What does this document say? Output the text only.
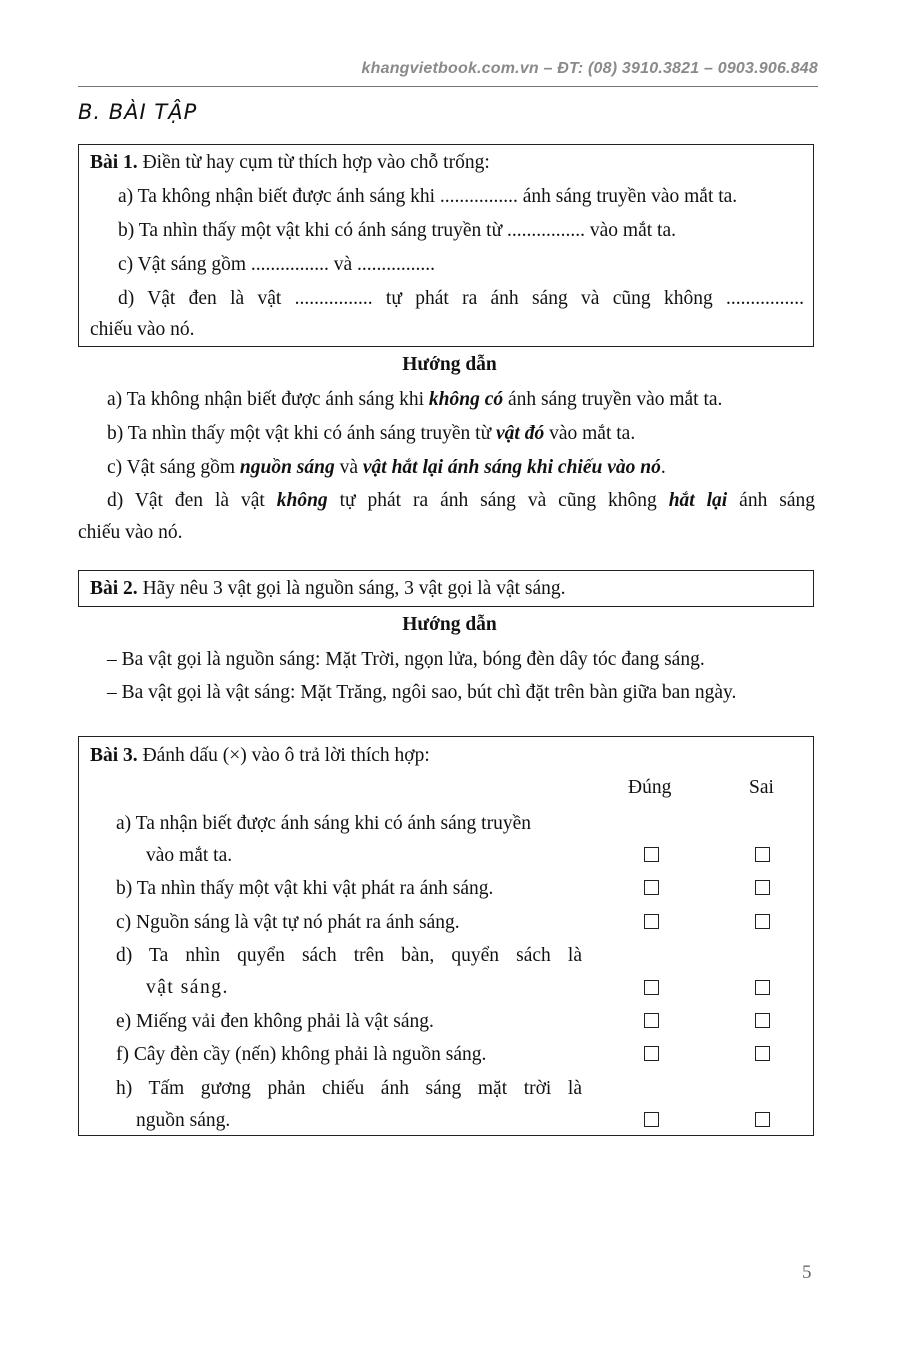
khangvietbook.com.vn – ĐT: (08) 3910.3821 – 0903.906.848
B. BÀI TẬP
Bài 1. Điền từ hay cụm từ thích hợp vào chỗ trống:
a) Ta không nhận biết được ánh sáng khi ................ ánh sáng truyền vào mắt ta.
b) Ta nhìn thấy một vật khi có ánh sáng truyền từ ................ vào mắt ta.
c) Vật sáng gồm ................ và ................
d) Vật đen là vật ................ tự phát ra ánh sáng và cũng không ................
chiếu vào nó.
Hướng dẫn
a) Ta không nhận biết được ánh sáng khi không có ánh sáng truyền vào mắt ta.
b) Ta nhìn thấy một vật khi có ánh sáng truyền từ vật đó vào mắt ta.
c) Vật sáng gồm nguồn sáng và vật hắt lại ánh sáng khi chiếu vào nó.
d) Vật đen là vật không tự phát ra ánh sáng và cũng không hắt lại ánh sáng
chiếu vào nó.
Bài 2. Hãy nêu 3 vật gọi là nguồn sáng, 3 vật gọi là vật sáng.
Hướng dẫn
– Ba vật gọi là nguồn sáng: Mặt Trời, ngọn lửa, bóng đèn dây tóc đang sáng.
– Ba vật gọi là vật sáng: Mặt Trăng, ngôi sao, bút chì đặt trên bàn giữa ban ngày.
Bài 3. Đánh dấu (×) vào ô trả lời thích hợp:
Đúng	Sai
a) Ta nhận biết được ánh sáng khi có ánh sáng truyền
vào mắt ta.
b) Ta nhìn thấy một vật khi vật phát ra ánh sáng.
c) Nguồn sáng là vật tự nó phát ra ánh sáng.
d) Ta nhìn quyển sách trên bàn, quyển sách là
vật sáng.
e) Miếng vải đen không phải là vật sáng.
f) Cây đèn cầy (nến) không phải là nguồn sáng.
h) Tấm gương phản chiếu ánh sáng mặt trời là
nguồn sáng.
5
